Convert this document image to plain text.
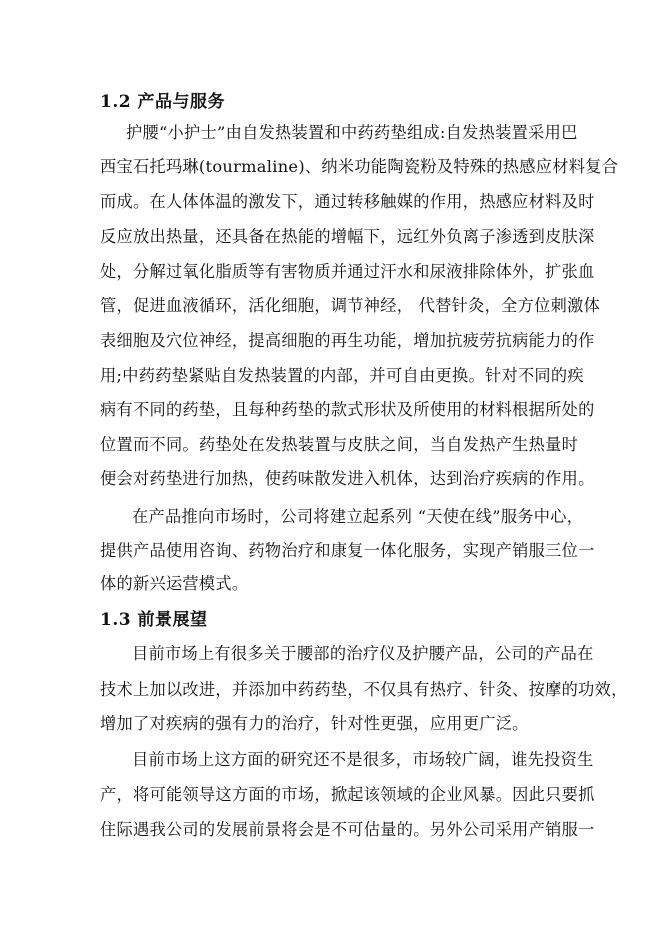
1.2 产品与服务
护腰“小护士”由自发热装置和中药药垫组成:自发热装置采用巴
西宝石托玛琳(tourmaline)、纳米功能陶瓷粉及特殊的热感应材料复合
而成。在人体体温的激发下，通过转移触媒的作用，热感应材料及时
反应放出热量，还具备在热能的增幅下，远红外负离子渗透到皮肤深
处，分解过氧化脂质等有害物质并通过汗水和尿液排除体外，扩张血
管，促进血液循环，活化细胞，调节神经， 代替针灸，全方位刺激体
表细胞及穴位神经，提高细胞的再生功能，增加抗疲劳抗病能力的作
用;中药药垫紧贴自发热装置的内部，并可自由更换。针对不同的疾
病有不同的药垫，且每种药垫的款式形状及所使用的材料根据所处的
位置而不同。药垫处在发热装置与皮肤之间，当自发热产生热量时
便会对药垫进行加热，使药味散发进入机体，达到治疗疾病的作用。
在产品推向市场时，公司将建立起系列 “天使在线”服务中心，
提供产品使用咨询、药物治疗和康复一体化服务，实现产销服三位一
体的新兴运营模式。
1.3 前景展望
目前市场上有很多关于腰部的治疗仪及护腰产品，公司的产品在
技术上加以改进，并添加中药药垫，不仅具有热疗、针灸、按摩的功效，
增加了对疾病的强有力的治疗，针对性更强，应用更广泛。
目前市场上这方面的研究还不是很多，市场较广阔，谁先投资生
产，将可能领导这方面的市场，掀起该领域的企业风暴。因此只要抓
住际遇我公司的发展前景将会是不可估量的。另外公司采用产销服一
